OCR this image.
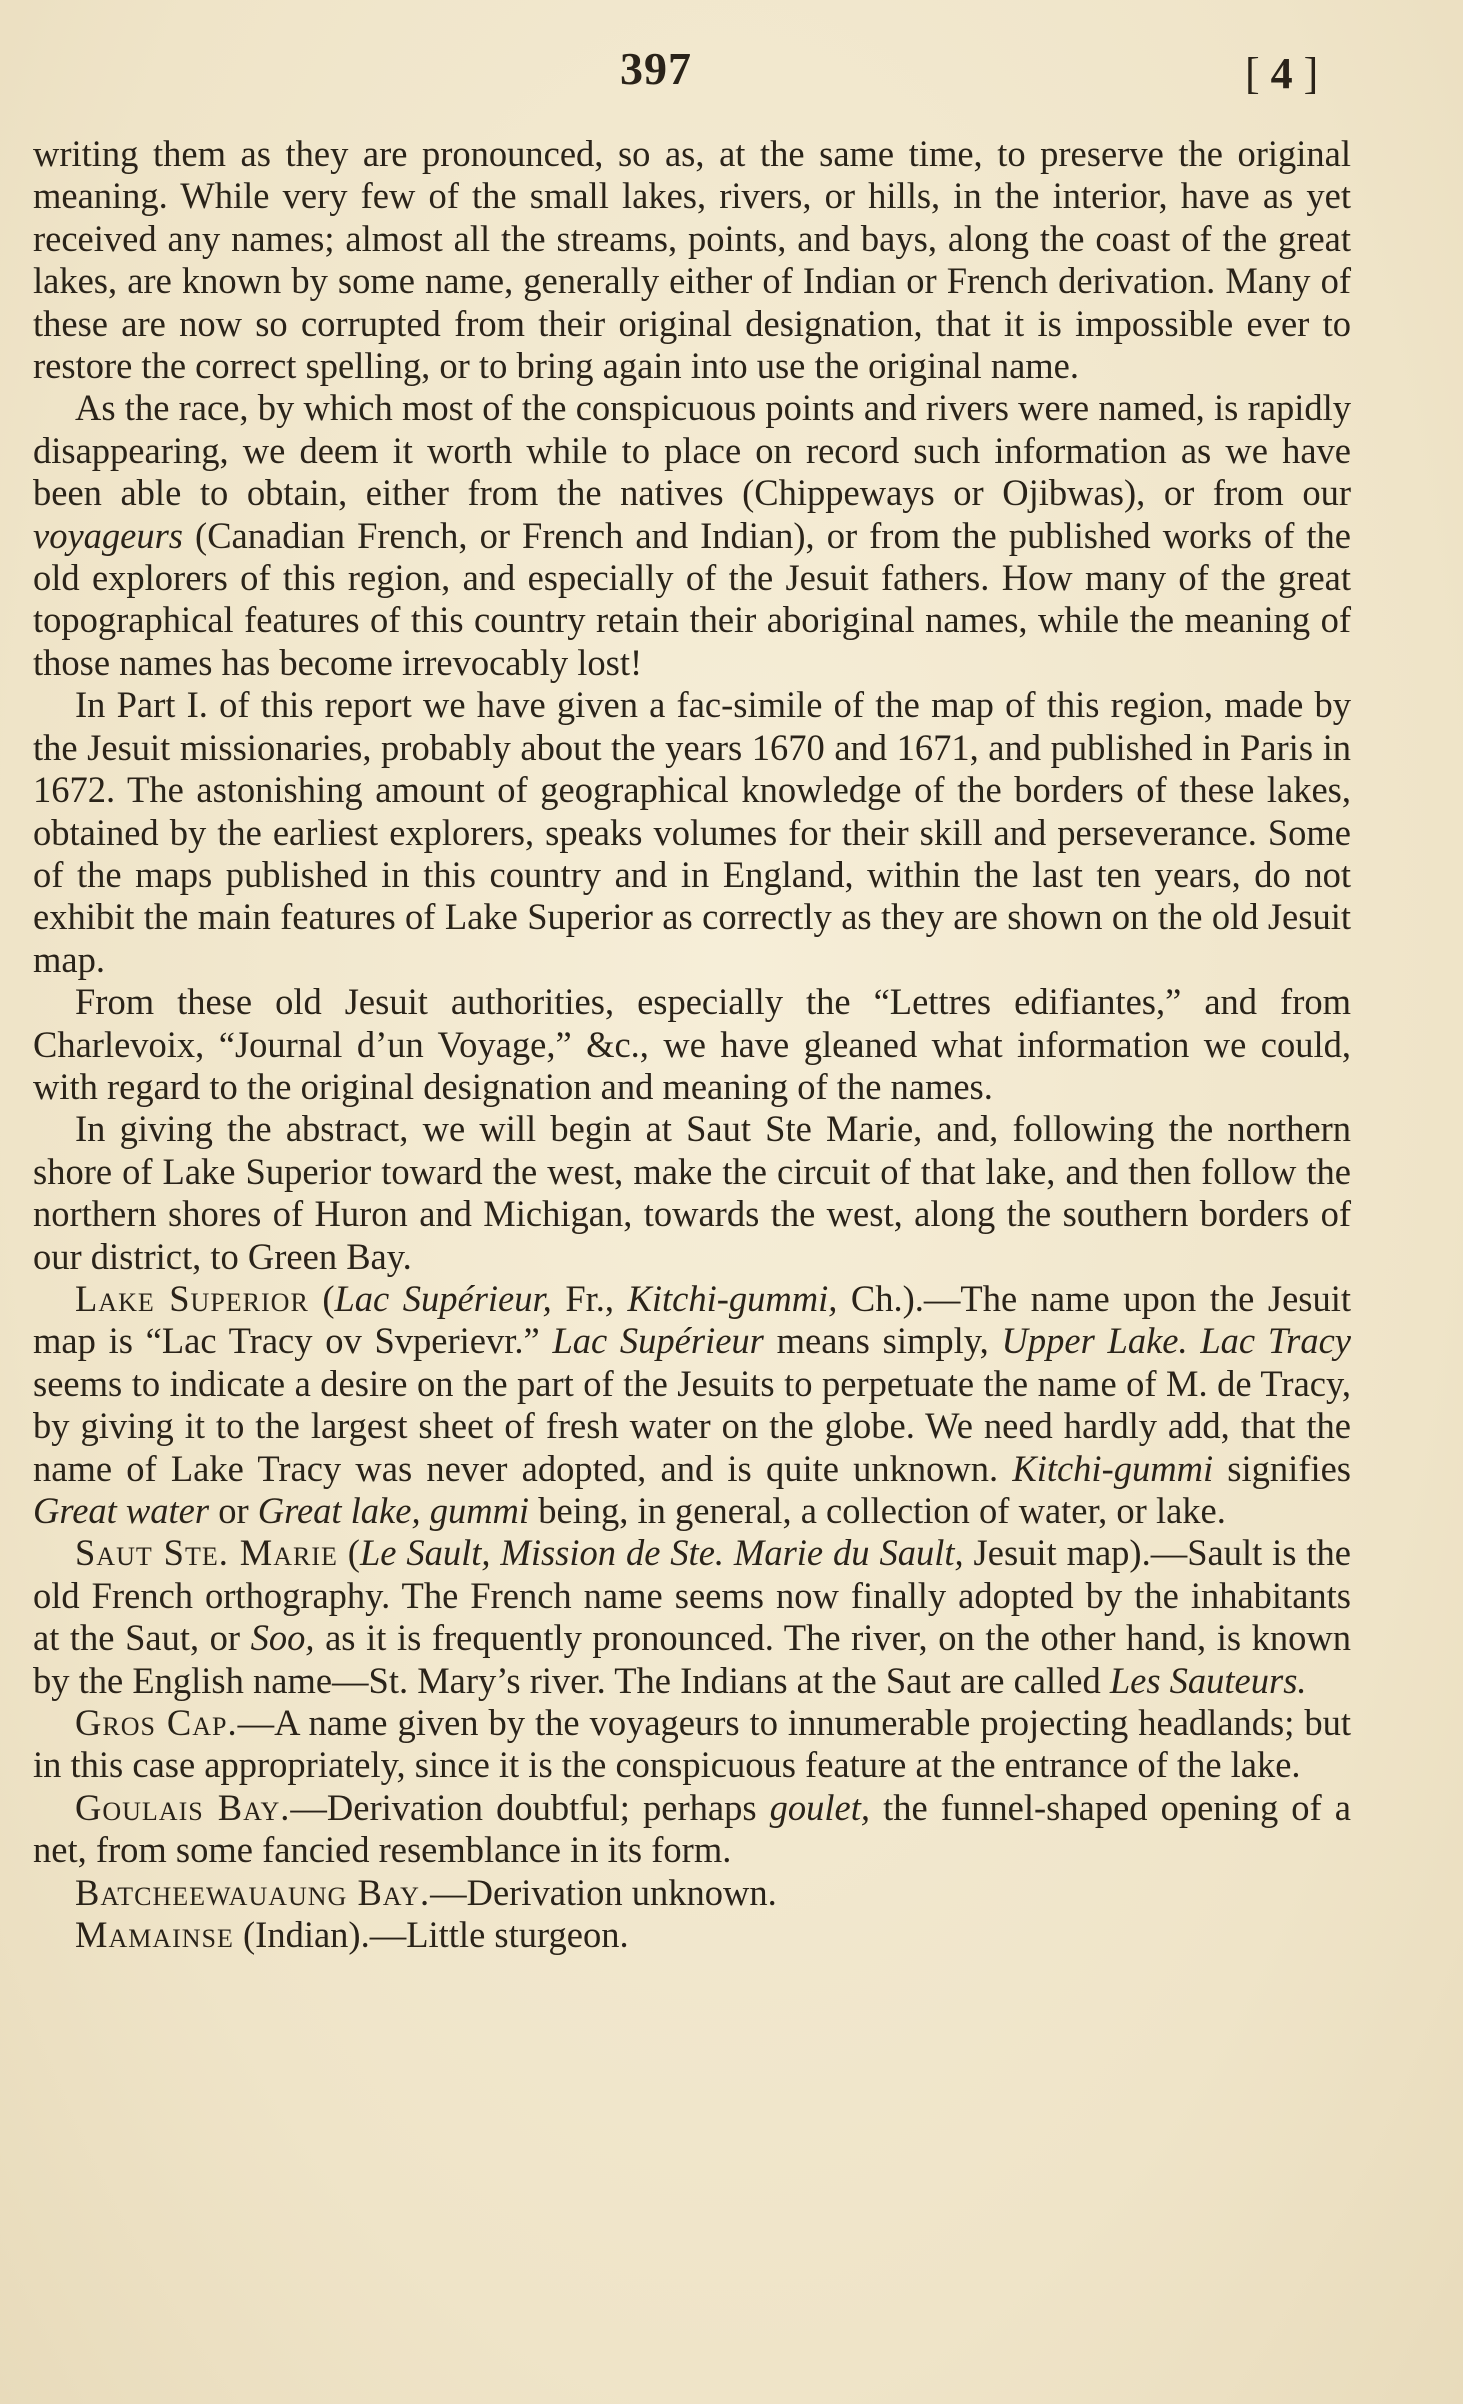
397	[ 4 ]

writing them as they are pronounced, so as, at the same time, to preserve the original meaning. While very few of the small lakes, rivers, or hills, in the interior, have as yet received any names; almost all the streams, points, and bays, along the coast of the great lakes, are known by some name, generally either of Indian or French derivation. Many of these are now so corrupted from their original designation, that it is impossible ever to restore the correct spelling, or to bring again into use the original name.

As the race, by which most of the conspicuous points and rivers were named, is rapidly disappearing, we deem it worth while to place on record such information as we have been able to obtain, either from the natives (Chippeways or Ojibwas), or from our voyageurs (Canadian French, or French and Indian), or from the published works of the old explorers of this region, and especially of the Jesuit fathers. How many of the great topographical features of this country retain their aboriginal names, while the meaning of those names has become irrevocably lost!

In Part I. of this report we have given a fac-simile of the map of this region, made by the Jesuit missionaries, probably about the years 1670 and 1671, and published in Paris in 1672. The astonishing amount of geographical knowledge of the borders of these lakes, obtained by the earliest explorers, speaks volumes for their skill and perseverance. Some of the maps published in this country and in England, within the last ten years, do not exhibit the main features of Lake Superior as correctly as they are shown on the old Jesuit map.

From these old Jesuit authorities, especially the “Lettres edifiantes,” and from Charlevoix, “Journal d’un Voyage,” &c., we have gleaned what information we could, with regard to the original designation and meaning of the names.

In giving the abstract, we will begin at Saut Ste Marie, and, following the northern shore of Lake Superior toward the west, make the circuit of that lake, and then follow the northern shores of Huron and Michigan, towards the west, along the southern borders of our district, to Green Bay.

Lake Superior (Lac Supérieur, Fr., Kitchi-gummi, Ch.).—The name upon the Jesuit map is “Lac Tracy ov Svperievr.” Lac Supérieur means simply, Upper Lake. Lac Tracy seems to indicate a desire on the part of the Jesuits to perpetuate the name of M. de Tracy, by giving it to the largest sheet of fresh water on the globe. We need hardly add, that the name of Lake Tracy was never adopted, and is quite unknown. Kitchi-gummi signifies Great water or Great lake, gummi being, in general, a collection of water, or lake.

Saut Ste. Marie (Le Sault, Mission de Ste. Marie du Sault, Jesuit map).—Sault is the old French orthography. The French name seems now finally adopted by the inhabitants at the Saut, or Soo, as it is frequently pronounced. The river, on the other hand, is known by the English name—St. Mary’s river. The Indians at the Saut are called Les Sauteurs.

Gros Cap.—A name given by the voyageurs to innumerable projecting headlands; but in this case appropriately, since it is the conspicuous feature at the entrance of the lake.

Goulais Bay.—Derivation doubtful; perhaps goulet, the funnel-shaped opening of a net, from some fancied resemblance in its form.

Batcheewauaung Bay.—Derivation unknown.

Mamainse (Indian).—Little sturgeon.
